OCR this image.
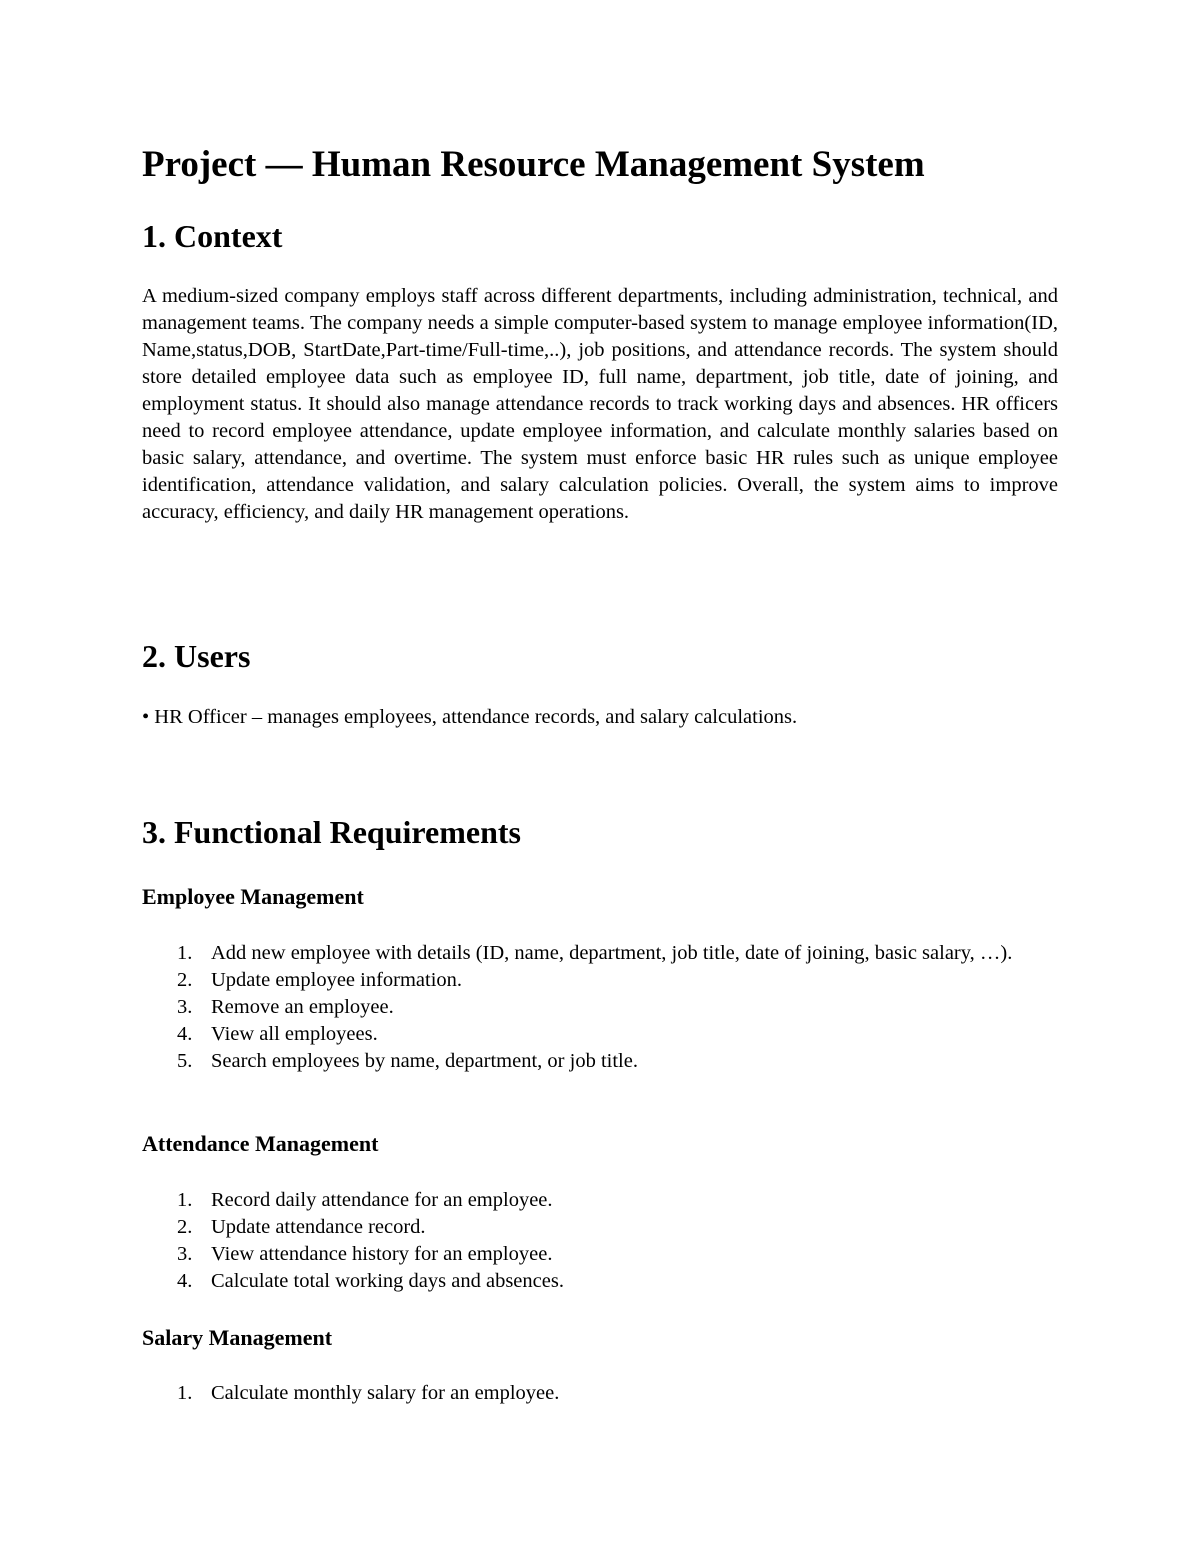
Project — Human Resource Management System
1. Context

A medium-sized company employs staff across different departments, including administration, technical, and management teams. The company needs a simple computer-based system to manage employee information(ID, Name,status,DOB, StartDate,Part-time/Full-time,..), job positions, and attendance records. The system should store detailed employee data such as employee ID, full name, department, job title, date of joining, and employment status. It should also manage attendance records to track working days and absences. HR officers need to record employee attendance, update employee information, and calculate monthly salaries based on basic salary, attendance, and overtime. The system must enforce basic HR rules such as unique employee identification, attendance validation, and salary calculation policies. Overall, the system aims to improve accuracy, efficiency, and daily HR management operations.

2. Users

• HR Officer – manages employees, attendance records, and salary calculations.

3. Functional Requirements
Employee Management
1. Add new employee with details (ID, name, department, job title, date of joining, basic salary, …).
2. Update employee information.
3. Remove an employee.
4. View all employees.
5. Search employees by name, department, or job title.
Attendance Management
1. Record daily attendance for an employee.
2. Update attendance record.
3. View attendance history for an employee.
4. Calculate total working days and absences.
Salary Management
1. Calculate monthly salary for an employee.
